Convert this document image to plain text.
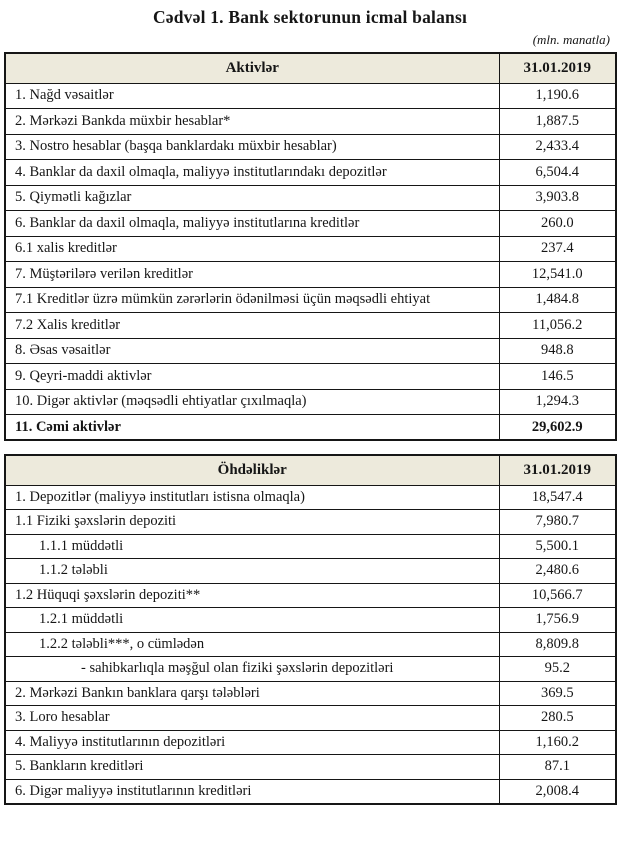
Cədvəl 1. Bank sektorunun icmal balansı
(mln. manatla)
Aktivlər	31.01.2019
1. Nağd vəsaitlər	1,190.6
2. Mərkəzi Bankda müxbir hesablar*	1,887.5
3. Nostro hesablar (başqa banklardakı müxbir hesablar)	2,433.4
4. Banklar da daxil olmaqla, maliyyə institutlarındakı depozitlər	6,504.4
5. Qiymətli kağızlar	3,903.8
6. Banklar da daxil olmaqla, maliyyə institutlarına kreditlər	260.0
6.1 xalis kreditlər	237.4
7. Müştərilərə verilən kreditlər	12,541.0
7.1 Kreditlər üzrə mümkün zərərlərin ödənilməsi üçün məqsədli ehtiyat	1,484.8
7.2 Xalis kreditlər	11,056.2
8. Əsas vəsaitlər	948.8
9. Qeyri-maddi aktivlər	146.5
10. Digər aktivlər (məqsədli ehtiyatlar çıxılmaqla)	1,294.3
11. Cəmi aktivlər	29,602.9
Öhdəliklər	31.01.2019
1. Depozitlər (maliyyə institutları istisna olmaqla)	18,547.4
1.1 Fiziki şəxslərin depoziti	7,980.7
1.1.1 müddətli	5,500.1
1.1.2 tələbli	2,480.6
1.2 Hüquqi şəxslərin depoziti**	10,566.7
1.2.1 müddətli	1,756.9
1.2.2 tələbli***, o cümlədən	8,809.8
- sahibkarlıqla məşğul olan fiziki şəxslərin depozitləri	95.2
2. Mərkəzi Bankın banklara qarşı tələbləri	369.5
3. Loro hesablar	280.5
4. Maliyyə institutlarının depozitləri	1,160.2
5. Bankların kreditləri	87.1
6. Digər maliyyə institutlarının kreditləri	2,008.4
